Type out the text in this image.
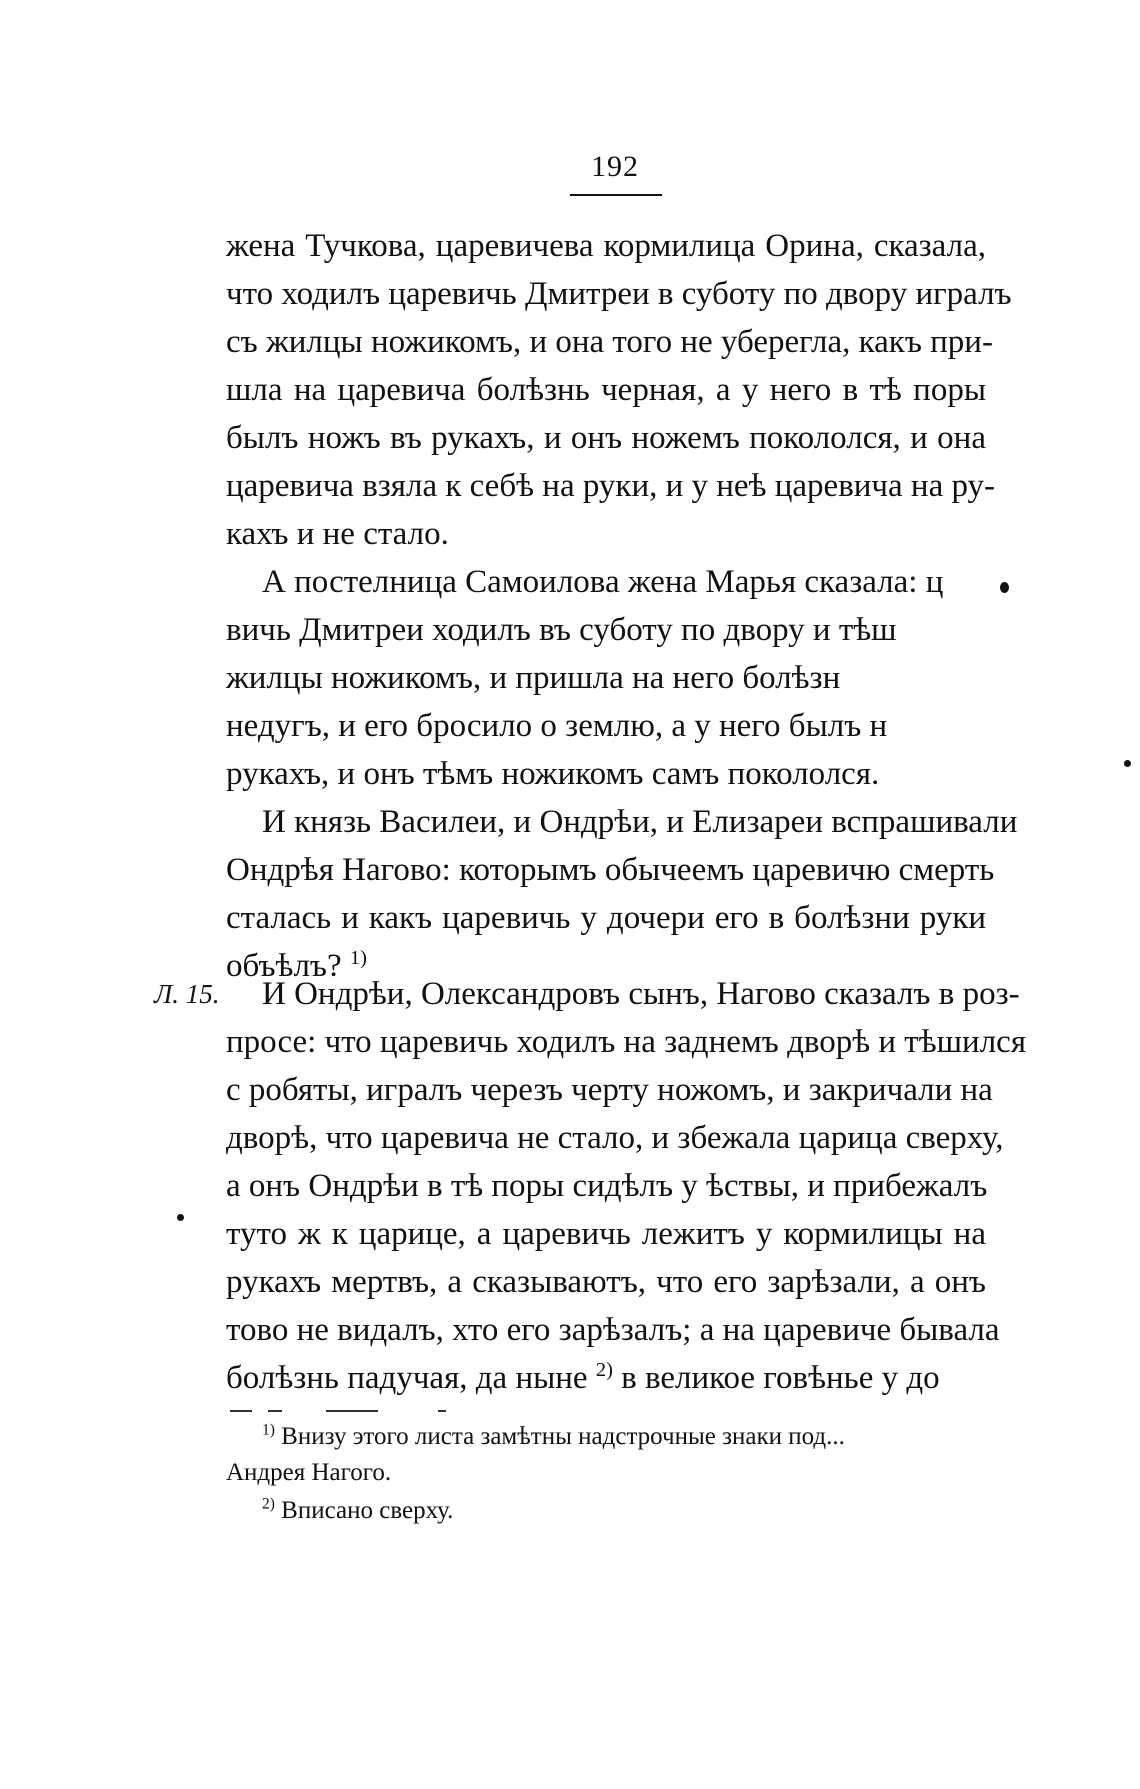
192
жена Тучкова, царевичева кормилица Орина, сказала,
что ходилъ царевичь Дмитреи в суботу по двору игралъ
съ жилцы ножикомъ, и она того не уберегла, какъ при-
шла на царевича болѣзнь черная, а у него в тѣ поры
былъ ножъ въ рукахъ, и онъ ножемъ покололся, и она
царевича взяла к себѣ на руки, и у неѣ царевича на ру-
кахъ и не стало.
А постелница Самоилова жена Марья сказала: ц
вичь Дмитреи ходилъ въ суботу по двору и тѣш
жилцы ножикомъ, и пришла на него болѣзн
недугъ, и его бросило о землю, а у него былъ н
рукахъ, и онъ тѣмъ ножикомъ самъ покололся.
И князь Василеи, и Ондрѣи, и Елизареи вспрашивали
Ондрѣя Нагово: которымъ обычеемъ царевичю смерть
сталась и какъ царевичь у дочери его в болѣзни руки
объѣлъ? $^{1)}$
Л. 15. И Ондрѣи, Олександровъ сынъ, Нагово сказалъ в роз-
просе: что царевичь ходилъ на заднемъ дворѣ и тѣшился
с робяты, игралъ черезъ черту ножомъ, и закричали на
дворѣ, что царевича не стало, и збежала царица сверху,
а онъ Ондрѣи в тѣ поры сидѣлъ у ѣствы, и прибежалъ
туто ж к царице, а царевичь лежитъ у кормилицы на
рукахъ мертвъ, а сказываютъ, что его зарѣзали, а онъ
тово не видалъ, хто его зарѣзалъ; а на царевиче бывала
болѣзнь падучая, да ныне $^{2)}$ в великое говѣнье у до
$^{1)}$ Внизу этого листа замѣтны надстрочные знаки под...
Андрея Нагого.
$^{2)}$ Вписано сверху.
